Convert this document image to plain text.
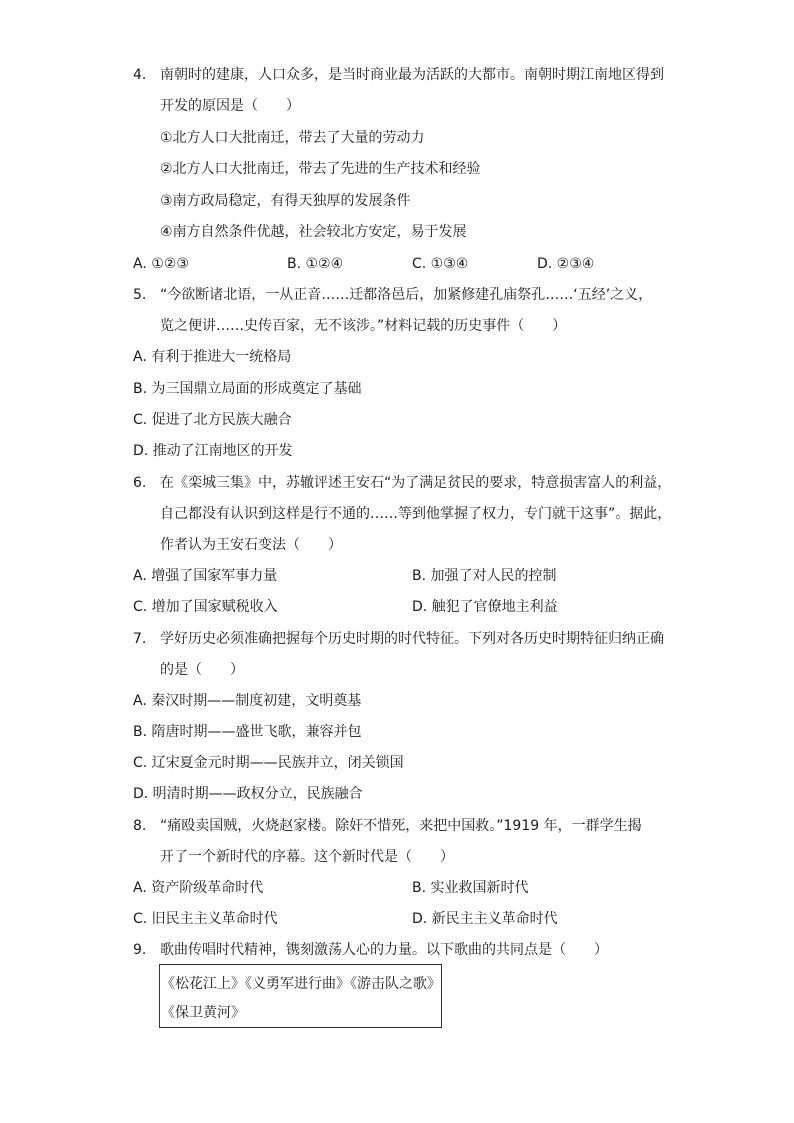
4. 南朝时的建康，人口众多，是当时商业最为活跃的大都市。南朝时期江南地区得到
开发的原因是（　　）
①北方人口大批南迁，带去了大量的劳动力
②北方人口大批南迁，带去了先进的生产技术和经验
③南方政局稳定，有得天独厚的发展条件
④南方自然条件优越，社会较北方安定，易于发展
A. ①②③	B. ①②④	C. ①③④	D. ②③④
5. “今欲断诸北语，一从正音……迁都洛邑后，加紧修建孔庙祭孔……‘五经’之义，
览之便讲……史传百家，无不该涉。”材料记载的历史事件（　　）
A. 有利于推进大一统格局
B. 为三国鼎立局面的形成奠定了基础
C. 促进了北方民族大融合
D. 推动了江南地区的开发
6. 在《栾城三集》中，苏辙评述王安石“为了满足贫民的要求，特意损害富人的利益，
自己都没有认识到这样是行不通的……等到他掌握了权力，专门就干这事”。据此，
作者认为王安石变法（　　）
A. 增强了国家军事力量	B. 加强了对人民的控制
C. 增加了国家赋税收入	D. 触犯了官僚地主利益
7. 学好历史必须准确把握每个历史时期的时代特征。下列对各历史时期特征归纳正确
的是（　　）
A. 秦汉时期——制度初建，文明奠基
B. 隋唐时期——盛世飞歌，兼容并包
C. 辽宋夏金元时期——民族并立，闭关锁国
D. 明清时期——政权分立，民族融合
8. “痛殴卖国贼，火烧赵家楼。除奸不惜死，来把中国救。”1919 年，一群学生揭
开了一个新时代的序幕。这个新时代是（　　）
A. 资产阶级革命时代	B. 实业救国新时代
C. 旧民主主义革命时代	D. 新民主主义革命时代
9. 歌曲传唱时代精神，镌刻激荡人心的力量。以下歌曲的共同点是（　　）
《松花江上》《义勇军进行曲》《游击队之歌》
《保卫黄河》
